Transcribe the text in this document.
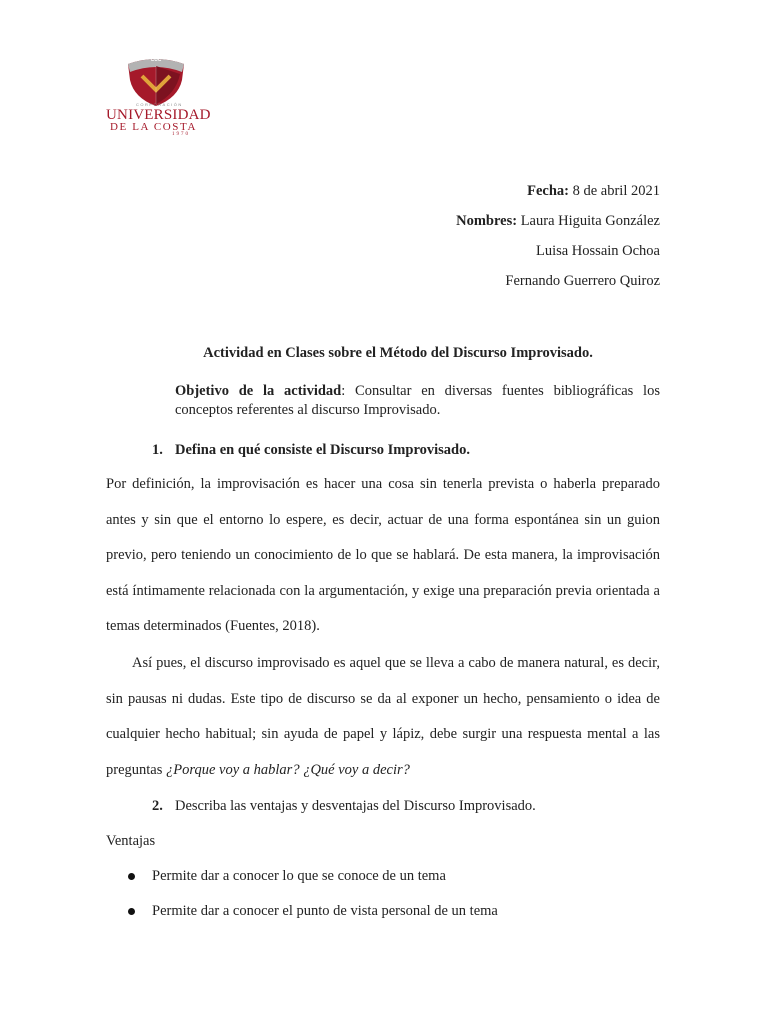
CUC
CORPORACIÓN
UNIVERSIDAD
DE LA COSTA
1970
Fecha: 8 de abril 2021
Nombres: Laura Higuita González
Luisa Hossain Ochoa
Fernando Guerrero Quiroz
Actividad en Clases sobre el Método del Discurso Improvisado.
Objetivo de la actividad: Consultar en diversas fuentes bibliográficas los conceptos referentes al discurso Improvisado.
1. Defina en qué consiste el Discurso Improvisado.
Por definición, la improvisación es hacer una cosa sin tenerla prevista o haberla preparado antes y sin que el entorno lo espere, es decir, actuar de una forma espontánea sin un guion previo, pero teniendo un conocimiento de lo que se hablará. De esta manera, la improvisación está íntimamente relacionada con la argumentación, y exige una preparación previa orientada a temas determinados (Fuentes, 2018).
Así pues, el discurso improvisado es aquel que se lleva a cabo de manera natural, es decir, sin pausas ni dudas. Este tipo de discurso se da al exponer un hecho, pensamiento o idea de cualquier hecho habitual; sin ayuda de papel y lápiz, debe surgir una respuesta mental a las preguntas ¿Porque voy a hablar? ¿Qué voy a decir?
2. Describa las ventajas y desventajas del Discurso Improvisado.
Ventajas
Permite dar a conocer lo que se conoce de un tema
Permite dar a conocer el punto de vista personal de un tema
